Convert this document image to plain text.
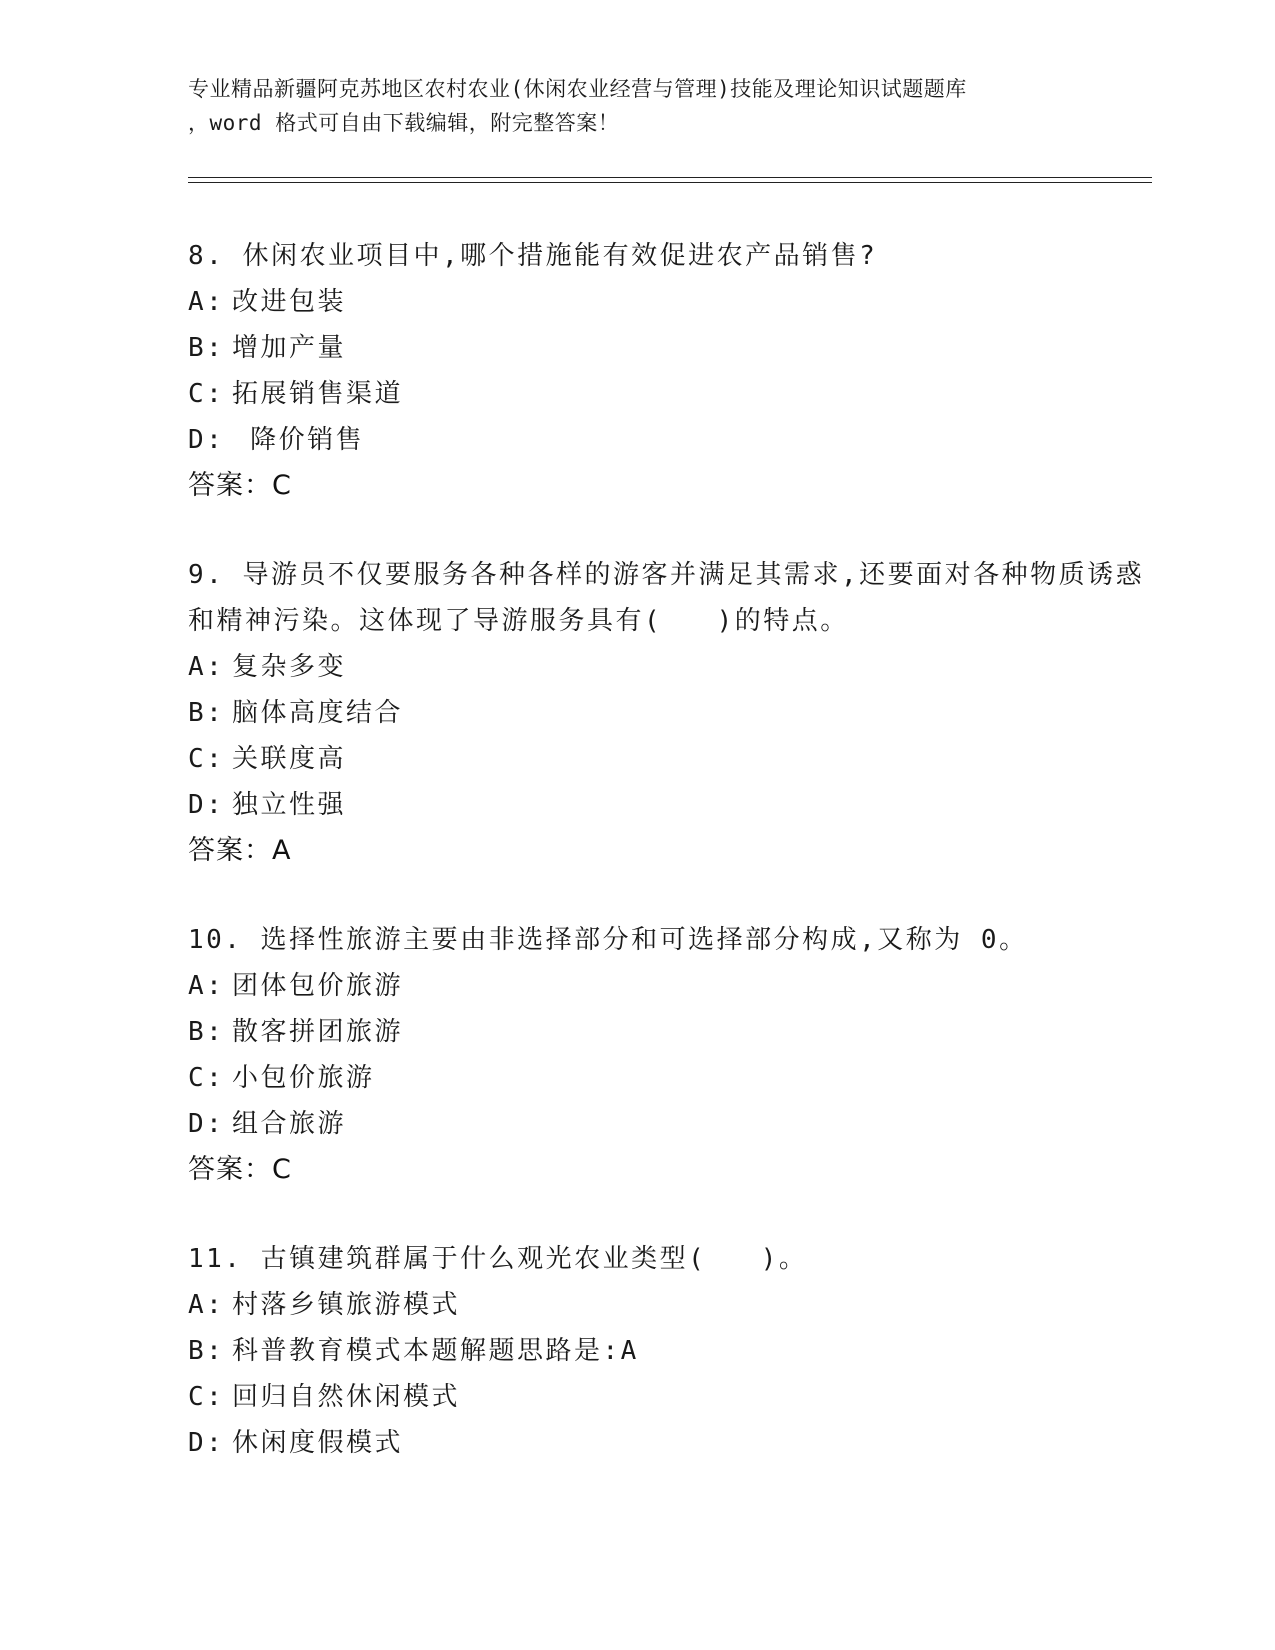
专业精品新疆阿克苏地区农村农业(休闲农业经营与管理)技能及理论知识试题题库
，word 格式可自由下载编辑，附完整答案！

8. 休闲农业项目中,哪个措施能有效促进农产品销售?

A: 改进包装
B: 增加产量
C: 拓展销售渠道
D: 降价销售
答案：C

9. 导游员不仅要服务各种各样的游客并满足其需求,还要面对各种物质诱惑和精神污染。这体现了导游服务具有(   )的特点。

A: 复杂多变
B: 脑体高度结合
C: 关联度高
D: 独立性强
答案：A

10. 选择性旅游主要由非选择部分和可选择部分构成,又称为 0。

A: 团体包价旅游
B: 散客拼团旅游
C: 小包价旅游
D: 组合旅游
答案：C

11. 古镇建筑群属于什么观光农业类型(   )。

A: 村落乡镇旅游模式
B: 科普教育模式本题解题思路是:A
C: 回归自然休闲模式
D: 休闲度假模式
